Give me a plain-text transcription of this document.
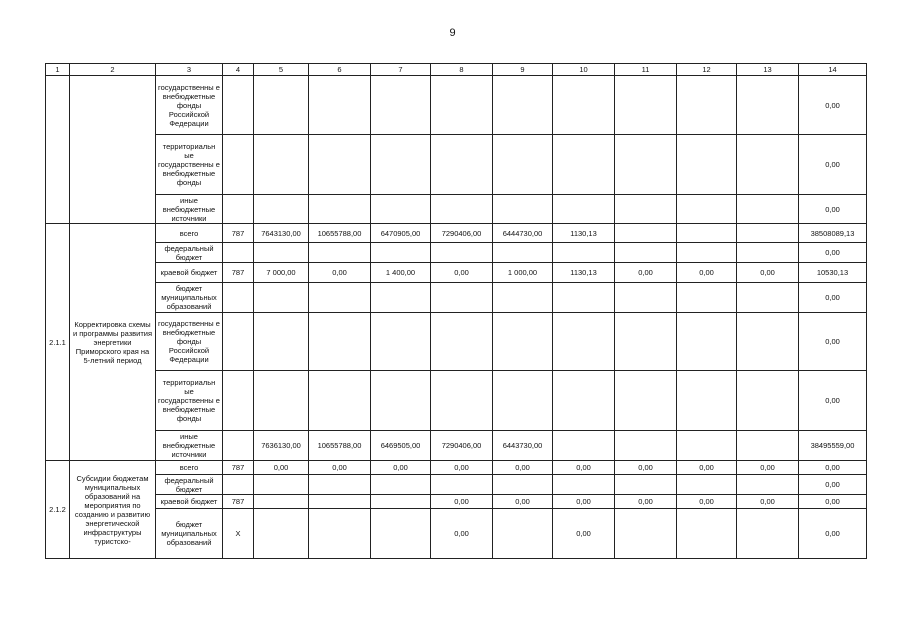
9
1	2	3	4	5	6	7	8	9	10	11	12	13	14
		государственны е внебюджетные фонды Российской Федерации											0,00
		территориальн ые государственны е внебюджетные фонды											0,00
		иные внебюджетные источники											0,00
2.1.1	Корректировка схемы и программы развития энергетики Приморского края на 5-летний период	всего	787	7643130,00	10655788,00	6470905,00	7290406,00	6444730,00	1130,13				38508089,13
		федеральный бюджет											0,00
		краевой бюджет	787	7 000,00	0,00	1 400,00	0,00	1 000,00	1130,13	0,00	0,00	0,00	10530,13
		бюджет муниципальных образований											0,00
		государственны е внебюджетные фонды Российской Федерации											0,00
		территориальн ые государственны е внебюджетные фонды											0,00
		иные внебюджетные источники		7636130,00	10655788,00	6469505,00	7290406,00	6443730,00					38495559,00
2.1.2	Субсидии бюджетам муниципальных образований на мероприятия по созданию и развитию энергетической инфраструктуры туристско-	всего	787	0,00	0,00	0,00	0,00	0,00	0,00	0,00	0,00	0,00	0,00
		федеральный бюджет											0,00
		краевой бюджет	787				0,00	0,00	0,00	0,00	0,00	0,00	0,00
		бюджет муниципальных образований	X				0,00		0,00				0,00
